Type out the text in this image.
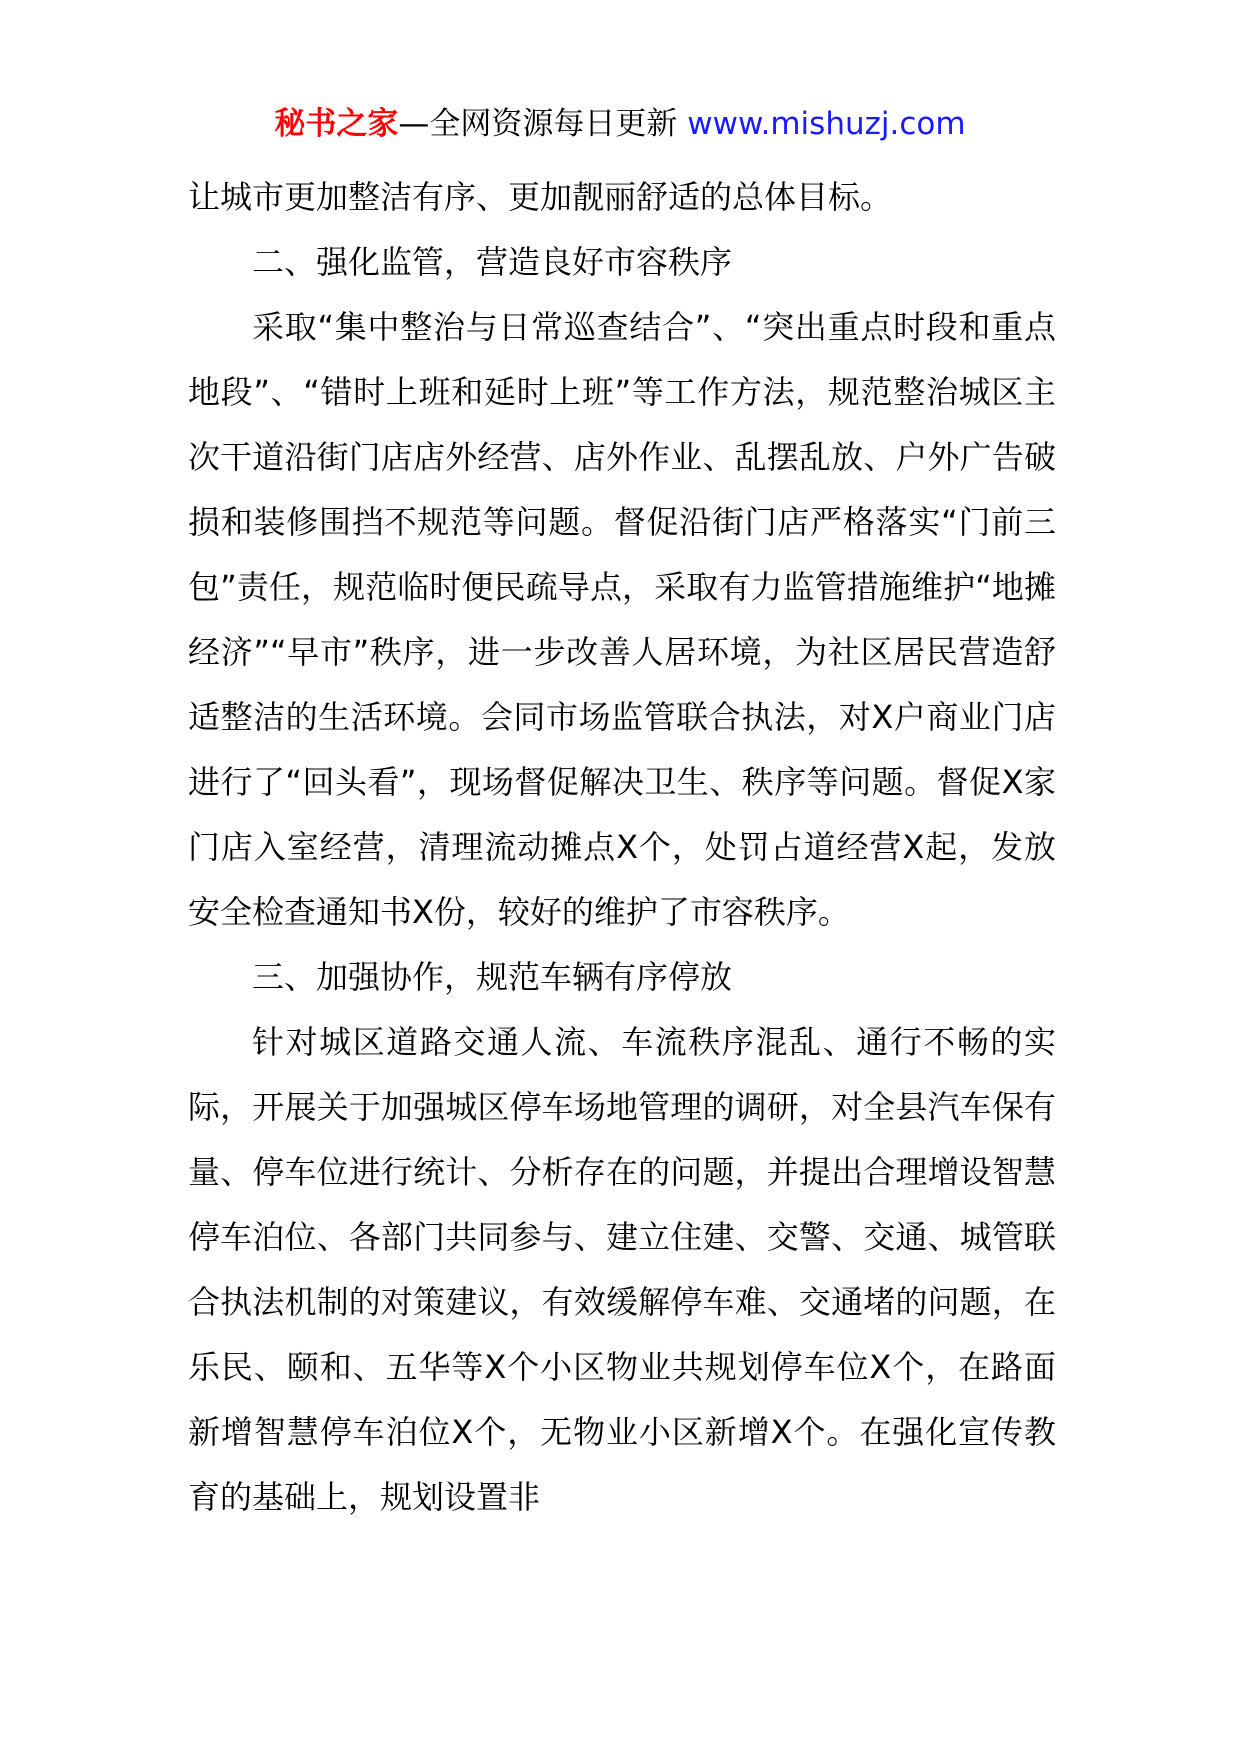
秘书之家—全网资源每日更新 www.mishuzj.com

让城市更加整洁有序、更加靓丽舒适的总体目标。

二、强化监管，营造良好市容秩序

采取“集中整治与日常巡查结合”、“突出重点时段和重点地段”、“错时上班和延时上班”等工作方法，规范整治城区主次干道沿街门店店外经营、店外作业、乱摆乱放、户外广告破损和装修围挡不规范等问题。督促沿街门店严格落实“门前三包”责任，规范临时便民疏导点，采取有力监管措施维护“地摊经济”“早市”秩序，进一步改善人居环境，为社区居民营造舒适整洁的生活环境。会同市场监管联合执法，对X户商业门店进行了“回头看”，现场督促解决卫生、秩序等问题。督促X家门店入室经营，清理流动摊点X个，处罚占道经营X起，发放安全检查通知书X份，较好的维护了市容秩序。

三、加强协作，规范车辆有序停放

针对城区道路交通人流、车流秩序混乱、通行不畅的实际，开展关于加强城区停车场地管理的调研，对全县汽车保有量、停车位进行统计、分析存在的问题，并提出合理增设智慧停车泊位、各部门共同参与、建立住建、交警、交通、城管联合执法机制的对策建议，有效缓解停车难、交通堵的问题，在乐民、颐和、五华等X个小区物业共规划停车位X个，在路面新增智慧停车泊位X个，无物业小区新增X个。在强化宣传教育的基础上，规划设置非
